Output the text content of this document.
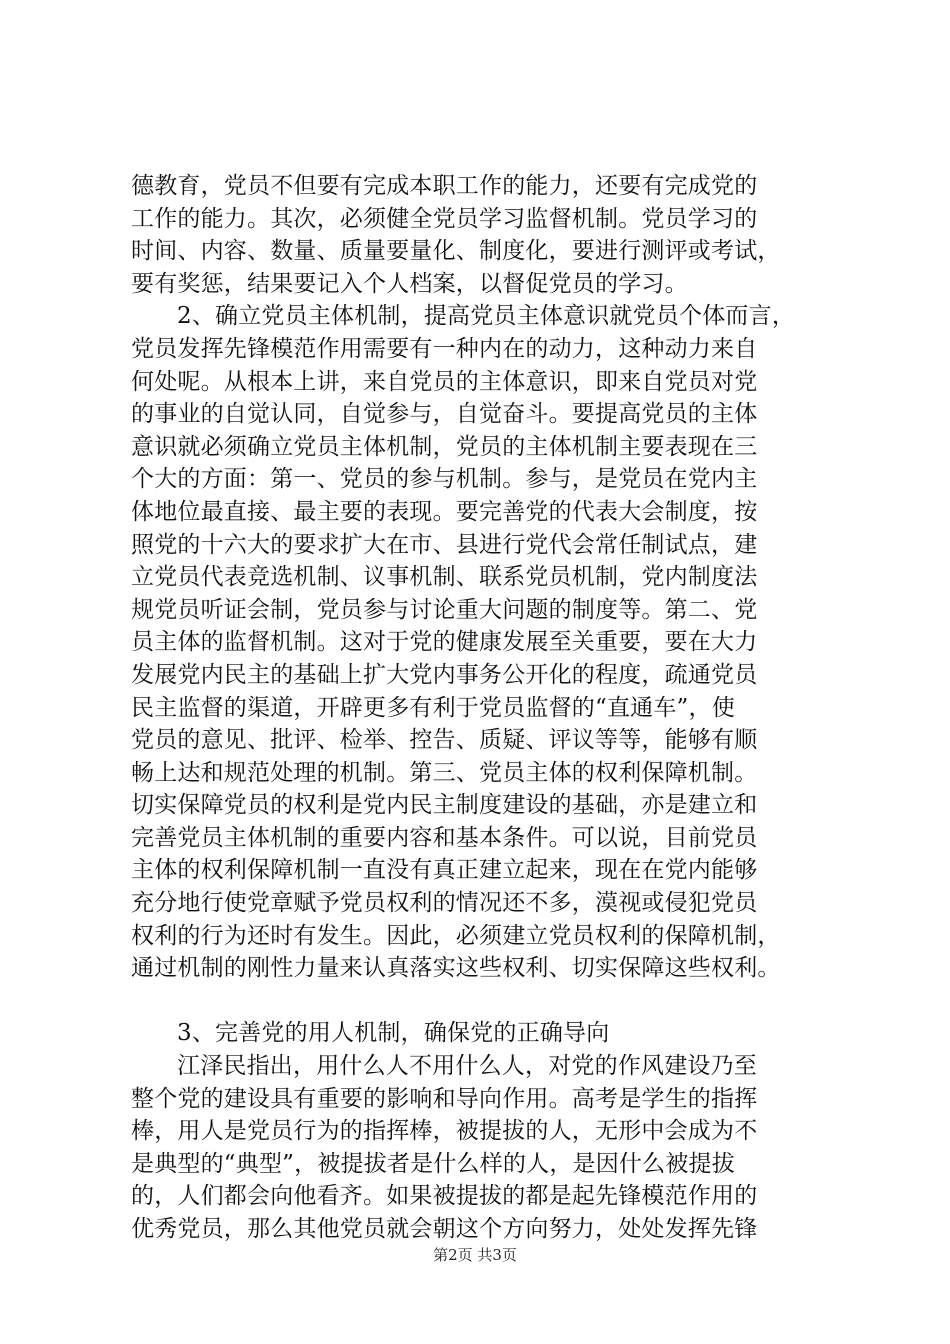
德教育，党员不但要有完成本职工作的能力，还要有完成党的
工作的能力。其次，必须健全党员学习监督机制。党员学习的
时间、内容、数量、质量要量化、制度化，要进行测评或考试，
要有奖惩，结果要记入个人档案，以督促党员的学习。
2、确立党员主体机制，提高党员主体意识就党员个体而言，
党员发挥先锋模范作用需要有一种内在的动力，这种动力来自
何处呢。从根本上讲，来自党员的主体意识，即来自党员对党
的事业的自觉认同，自觉参与，自觉奋斗。要提高党员的主体
意识就必须确立党员主体机制，党员的主体机制主要表现在三
个大的方面：第一、党员的参与机制。参与，是党员在党内主
体地位最直接、最主要的表现。要完善党的代表大会制度，按
照党的十六大的要求扩大在市、县进行党代会常任制试点，建
立党员代表竞选机制、议事机制、联系党员机制，党内制度法
规党员听证会制，党员参与讨论重大问题的制度等。第二、党
员主体的监督机制。这对于党的健康发展至关重要，要在大力
发展党内民主的基础上扩大党内事务公开化的程度，疏通党员
民主监督的渠道，开辟更多有利于党员监督的“直通车”，使
党员的意见、批评、检举、控告、质疑、评议等等，能够有顺
畅上达和规范处理的机制。第三、党员主体的权利保障机制。
切实保障党员的权利是党内民主制度建设的基础，亦是建立和
完善党员主体机制的重要内容和基本条件。可以说，目前党员
主体的权利保障机制一直没有真正建立起来，现在在党内能够
充分地行使党章赋予党员权利的情况还不多，漠视或侵犯党员
权利的行为还时有发生。因此，必须建立党员权利的保障机制，
通过机制的刚性力量来认真落实这些权利、切实保障这些权利。
3、完善党的用人机制，确保党的正确导向
江泽民指出，用什么人不用什么人，对党的作风建设乃至
整个党的建设具有重要的影响和导向作用。高考是学生的指挥
棒，用人是党员行为的指挥棒，被提拔的人，无形中会成为不
是典型的“典型”，被提拔者是什么样的人，是因什么被提拔
的，人们都会向他看齐。如果被提拔的都是起先锋模范作用的
优秀党员，那么其他党员就会朝这个方向努力，处处发挥先锋
第2页 共3页
